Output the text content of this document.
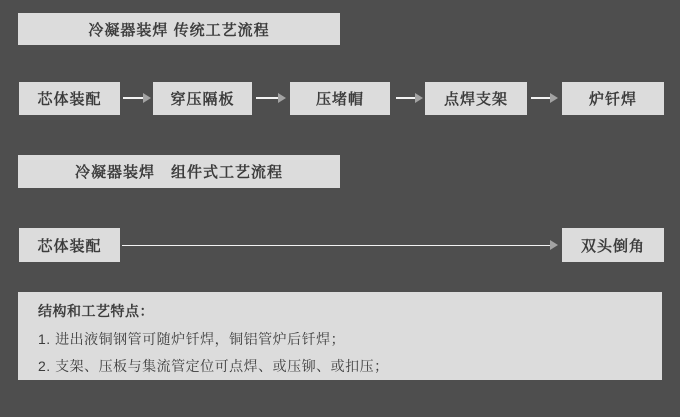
冷凝器装焊 传统工艺流程
芯体装配	穿压隔板	压堵帽	点焊支架	炉钎焊
冷凝器装焊　组件式工艺流程
芯体装配	双头倒角
结构和工艺特点：
1. 进出液铜钢管可随炉钎焊，铜铝管炉后钎焊；
2. 支架、压板与集流管定位可点焊、或压铆、或扣压；
